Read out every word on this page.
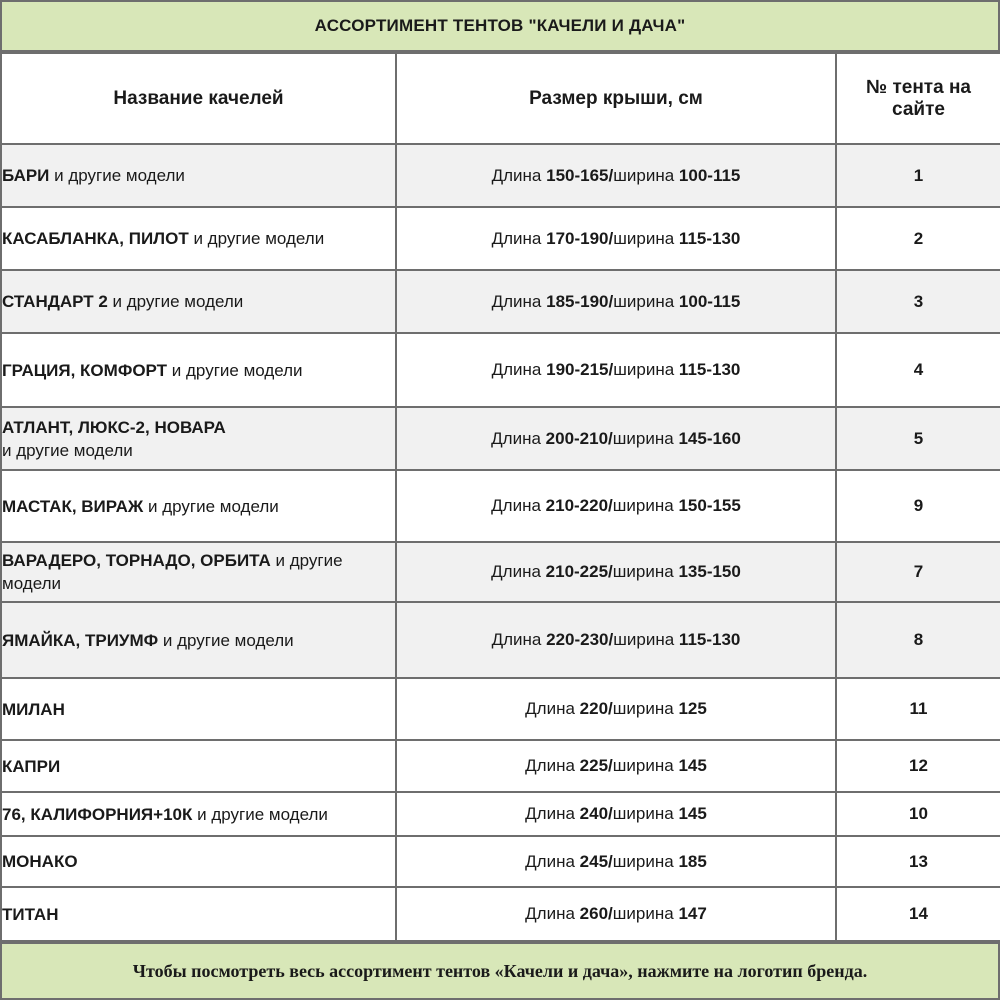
АССОРТИМЕНТ ТЕНТОВ "КАЧЕЛИ И ДАЧА"
Название качелей	Размер крыши, см	№ тента на сайте
БАРИ и другие модели	Длина 150-165/ширина 100-115	1
КАСАБЛАНКА, ПИЛОТ и другие модели	Длина 170-190/ширина 115-130	2
СТАНДАРТ 2 и другие модели	Длина 185-190/ширина 100-115	3
ГРАЦИЯ, КОМФОРТ и другие модели	Длина 190-215/ширина 115-130	4
АТЛАНТ, ЛЮКС-2, НОВАРА
и другие модели	Длина 200-210/ширина 145-160	5
МАСТАК, ВИРАЖ и другие модели	Длина 210-220/ширина 150-155	9
ВАРАДЕРО, ТОРНАДО, ОРБИТА и другие модели	Длина 210-225/ширина 135-150	7
ЯМАЙКА, ТРИУМФ и другие модели	Длина 220-230/ширина 115-130	8
МИЛАН	Длина 220/ширина 125	11
КАПРИ	Длина 225/ширина 145	12
76, КАЛИФОРНИЯ+10К и другие модели	Длина 240/ширина 145	10
МОНАКО	Длина 245/ширина 185	13
ТИТАН	Длина 260/ширина 147	14
Чтобы посмотреть весь ассортимент тентов «Качели и дача», нажмите на логотип бренда.
